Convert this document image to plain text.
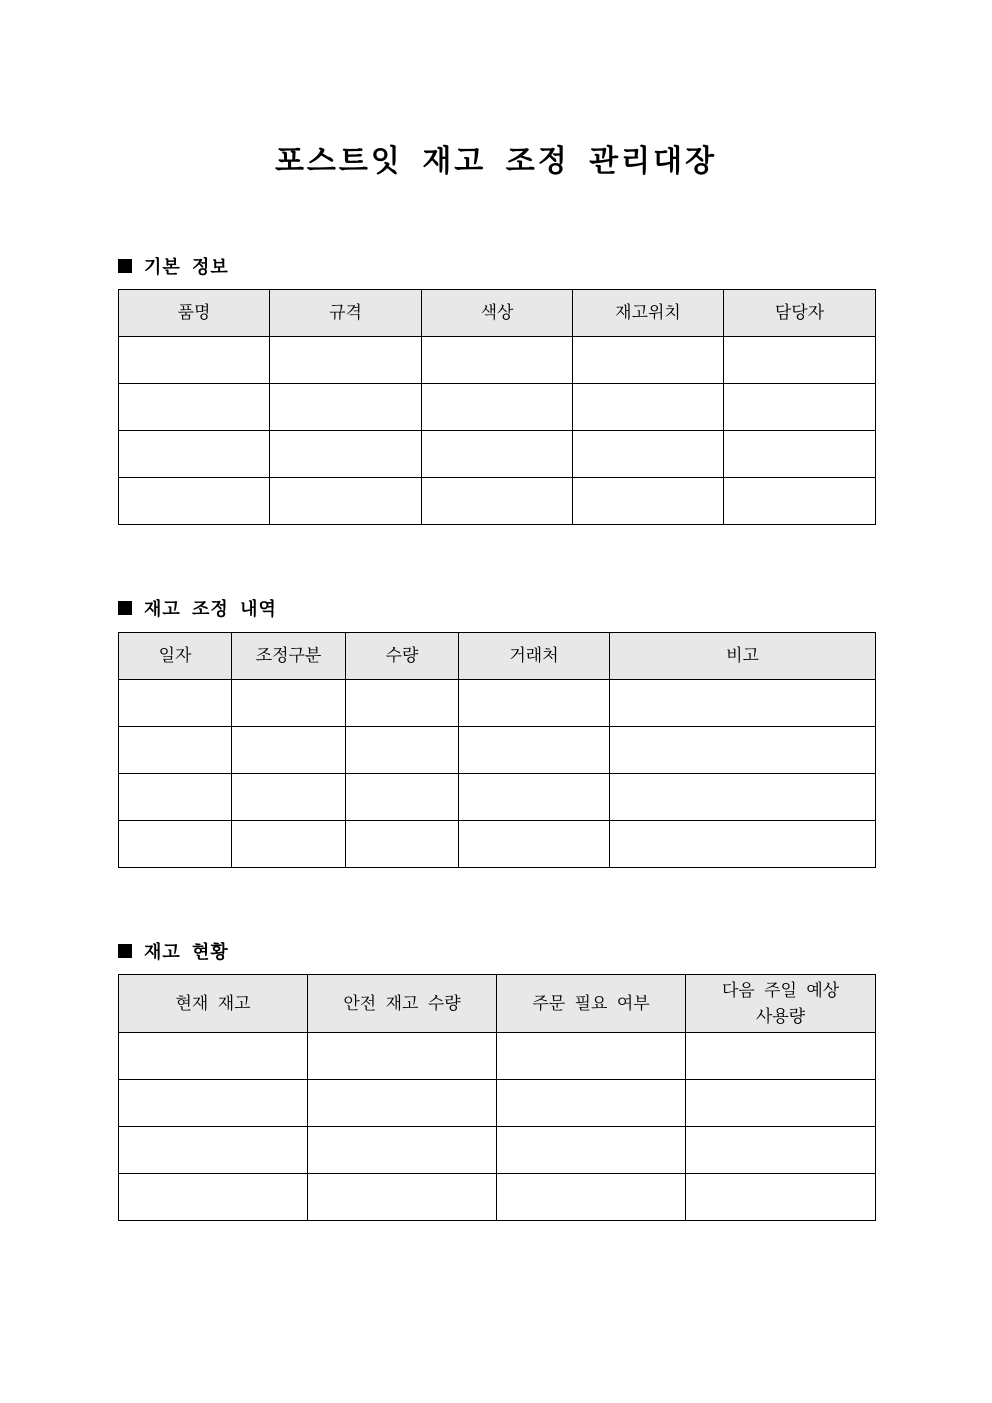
포스트잇 재고 조정 관리대장
기본 정보
품명	규격	색상	재고위치	담당자

재고 조정 내역
일자	조정구분	수량	거래처	비고

재고 현황
현재 재고	안전 재고 수량	주문 필요 여부	다음 주일 예상
사용량
